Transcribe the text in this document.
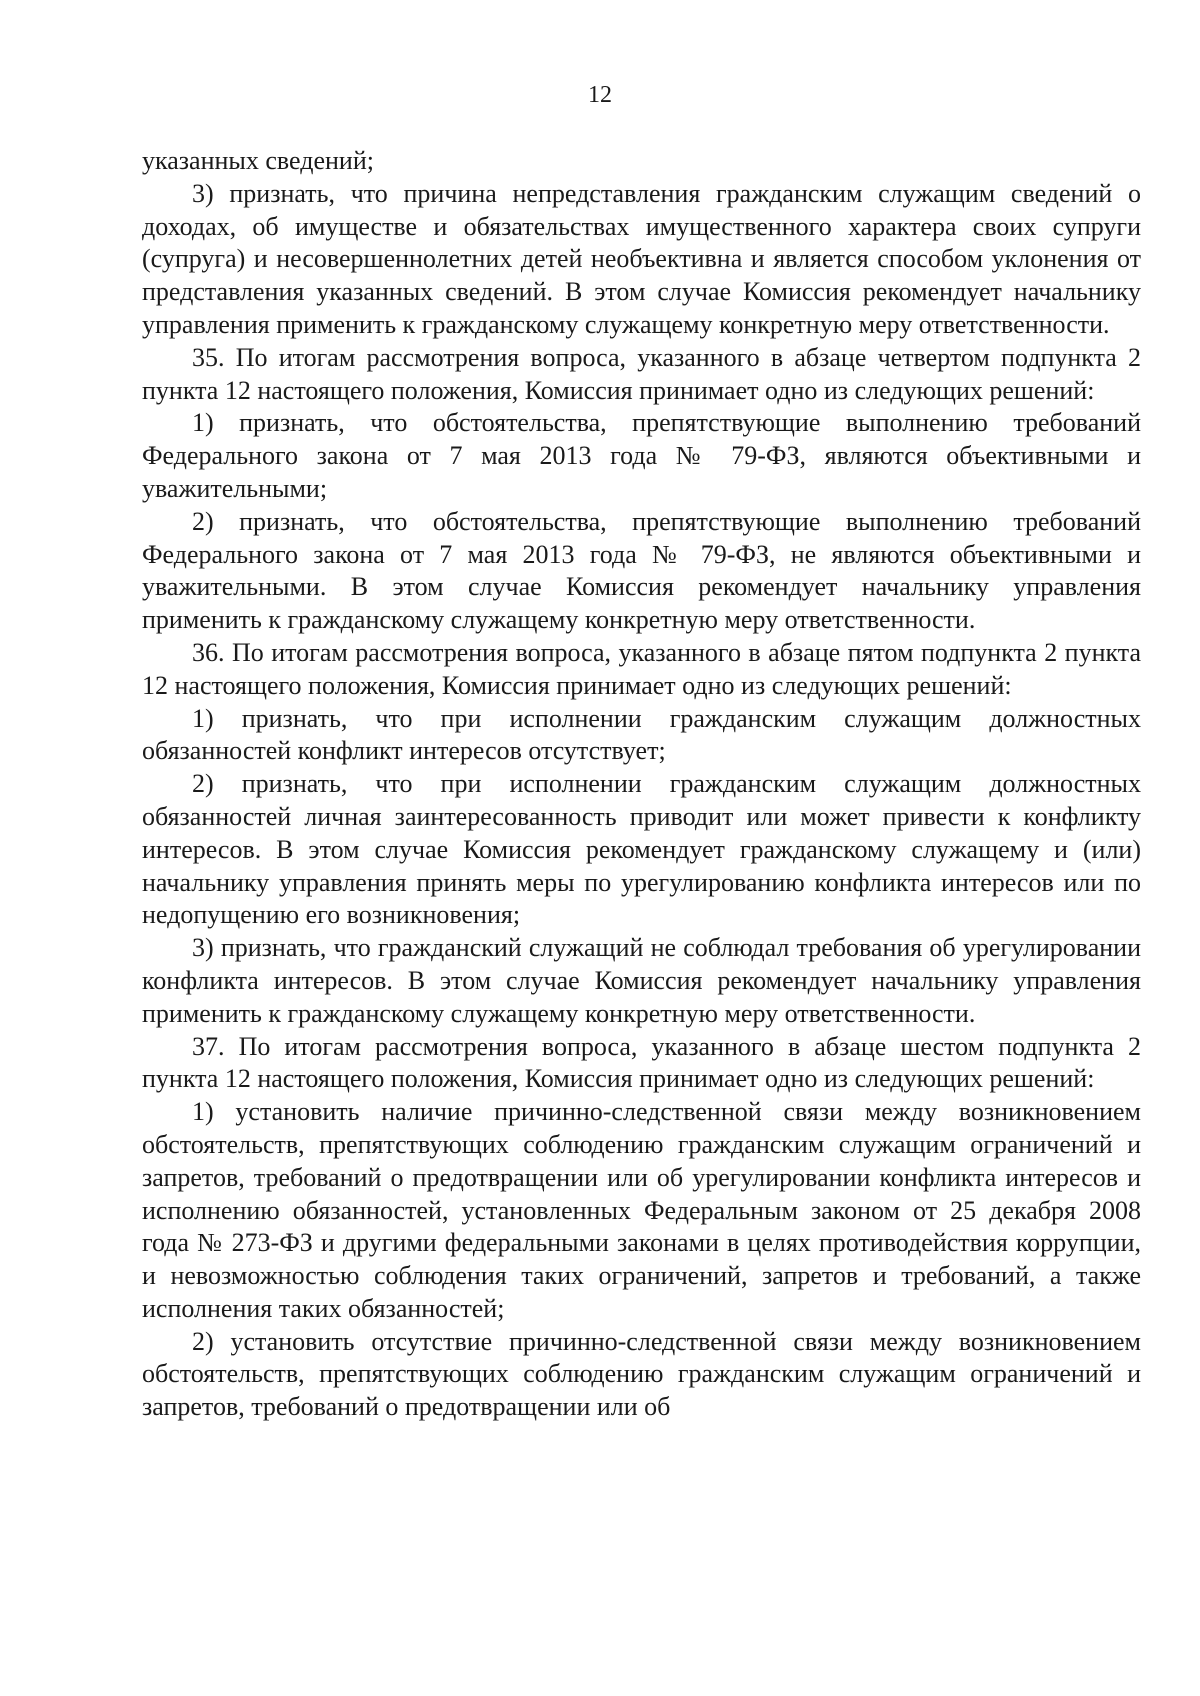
12

указанных сведений;

3) признать, что причина непредставления гражданским служащим сведений о доходах, об имуществе и обязательствах имущественного характера своих супруги (супруга) и несовершеннолетних детей необъективна и является способом уклонения от представления указанных сведений. В этом случае Комиссия рекомендует начальнику управления применить к гражданскому служащему конкретную меру ответственности.

35. По итогам рассмотрения вопроса, указанного в абзаце четвертом подпункта 2 пункта 12 настоящего положения, Комиссия принимает одно из следующих решений:

1) признать, что обстоятельства, препятствующие выполнению требований Федерального закона от 7 мая 2013 года № 79-ФЗ, являются объективными и уважительными;

2) признать, что обстоятельства, препятствующие выполнению требований Федерального закона от 7 мая 2013 года № 79-ФЗ, не являются объективными и уважительными. В этом случае Комиссия рекомендует начальнику управления применить к гражданскому служащему конкретную меру ответственности.

36. По итогам рассмотрения вопроса, указанного в абзаце пятом подпункта 2 пункта 12 настоящего положения, Комиссия принимает одно из следующих решений:

1) признать, что при исполнении гражданским служащим должностных обязанностей конфликт интересов отсутствует;

2) признать, что при исполнении гражданским служащим должностных обязанностей личная заинтересованность приводит или может привести к конфликту интересов. В этом случае Комиссия рекомендует гражданскому служащему и (или) начальнику управления принять меры по урегулированию конфликта интересов или по недопущению его возникновения;

3) признать, что гражданский служащий не соблюдал требования об урегулировании конфликта интересов. В этом случае Комиссия рекомендует начальнику управления применить к гражданскому служащему конкретную меру ответственности.

37. По итогам рассмотрения вопроса, указанного в абзаце шестом подпункта 2 пункта 12 настоящего положения, Комиссия принимает одно из следующих решений:

1) установить наличие причинно-следственной связи между возникновением обстоятельств, препятствующих соблюдению гражданским служащим ограничений и запретов, требований о предотвращении или об урегулировании конфликта интересов и исполнению обязанностей, установленных Федеральным законом от 25 декабря 2008 года № 273-ФЗ и другими федеральными законами в целях противодействия коррупции, и невозможностью соблюдения таких ограничений, запретов и требований, а также исполнения таких обязанностей;

2) установить отсутствие причинно-следственной связи между возникновением обстоятельств, препятствующих соблюдению гражданским служащим ограничений и запретов, требований о предотвращении или об
